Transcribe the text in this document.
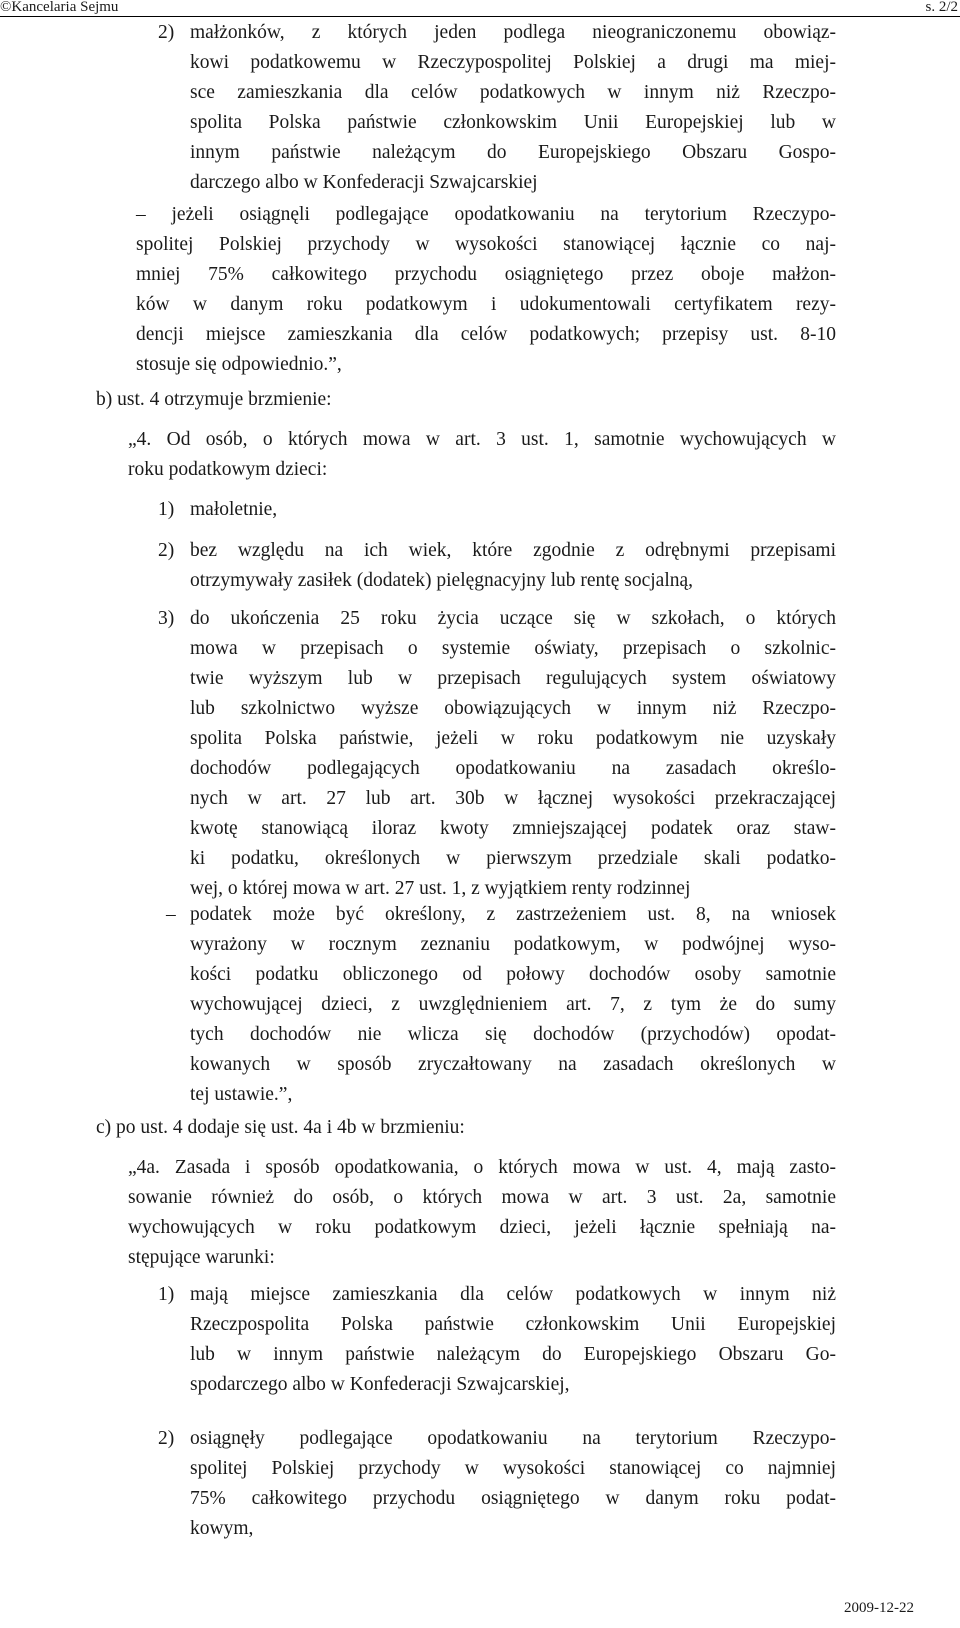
©Kancelaria Sejmu	s. 2/2
2) małżonków, z których jeden podlega nieograniczonemu obowiąz-
kowi podatkowemu w Rzeczypospolitej Polskiej a drugi ma miej-
sce zamieszkania dla celów podatkowych w innym niż Rzeczpo-
spolita Polska państwie członkowskim Unii Europejskiej lub w
innym państwie należącym do Europejskiego Obszaru Gospo-
darczego albo w Konfederacji Szwajcarskiej
– jeżeli osiągnęli podlegające opodatkowaniu na terytorium Rzeczypo-
spolitej Polskiej przychody w wysokości stanowiącej łącznie co naj-
mniej 75% całkowitego przychodu osiągniętego przez oboje małżon-
ków w danym roku podatkowym i udokumentowali certyfikatem rezy-
dencji miejsce zamieszkania dla celów podatkowych; przepisy ust. 8-10
stosuje się odpowiednio.”,
b) ust. 4 otrzymuje brzmienie:
„4. Od osób, o których mowa w art. 3 ust. 1, samotnie wychowujących w
roku podatkowym dzieci:
1) małoletnie,
2) bez względu na ich wiek, które zgodnie z odrębnymi przepisami
otrzymywały zasiłek (dodatek) pielęgnacyjny lub rentę socjalną,
3) do ukończenia 25 roku życia uczące się w szkołach, o których
mowa w przepisach o systemie oświaty, przepisach o szkolnic-
twie wyższym lub w przepisach regulujących system oświatowy
lub szkolnictwo wyższe obowiązujących w innym niż Rzeczpo-
spolita Polska państwie, jeżeli w roku podatkowym nie uzyskały
dochodów podlegających opodatkowaniu na zasadach określo-
nych w art. 27 lub art. 30b w łącznej wysokości przekraczającej
kwotę stanowiącą iloraz kwoty zmniejszającej podatek oraz staw-
ki podatku, określonych w pierwszym przedziale skali podatko-
wej, o której mowa w art. 27 ust. 1, z wyjątkiem renty rodzinnej
– podatek może być określony, z zastrzeżeniem ust. 8, na wniosek
wyrażony w rocznym zeznaniu podatkowym, w podwójnej wyso-
kości podatku obliczonego od połowy dochodów osoby samotnie
wychowującej dzieci, z uwzględnieniem art. 7, z tym że do sumy
tych dochodów nie wlicza się dochodów (przychodów) opodat-
kowanych w sposób zryczałtowany na zasadach określonych w
tej ustawie.”,
c) po ust. 4 dodaje się ust. 4a i 4b w brzmieniu:
„4a. Zasada i sposób opodatkowania, o których mowa w ust. 4, mają zasto-
sowanie również do osób, o których mowa w art. 3 ust. 2a, samotnie
wychowujących w roku podatkowym dzieci, jeżeli łącznie spełniają na-
stępujące warunki:
1) mają miejsce zamieszkania dla celów podatkowych w innym niż
Rzeczpospolita Polska państwie członkowskim Unii Europejskiej
lub w innym państwie należącym do Europejskiego Obszaru Go-
spodarczego albo w Konfederacji Szwajcarskiej,
2) osiągnęły podlegające opodatkowaniu na terytorium Rzeczypo-
spolitej Polskiej przychody w wysokości stanowiącej co najmniej
75% całkowitego przychodu osiągniętego w danym roku podat-
kowym,
2009-12-22
